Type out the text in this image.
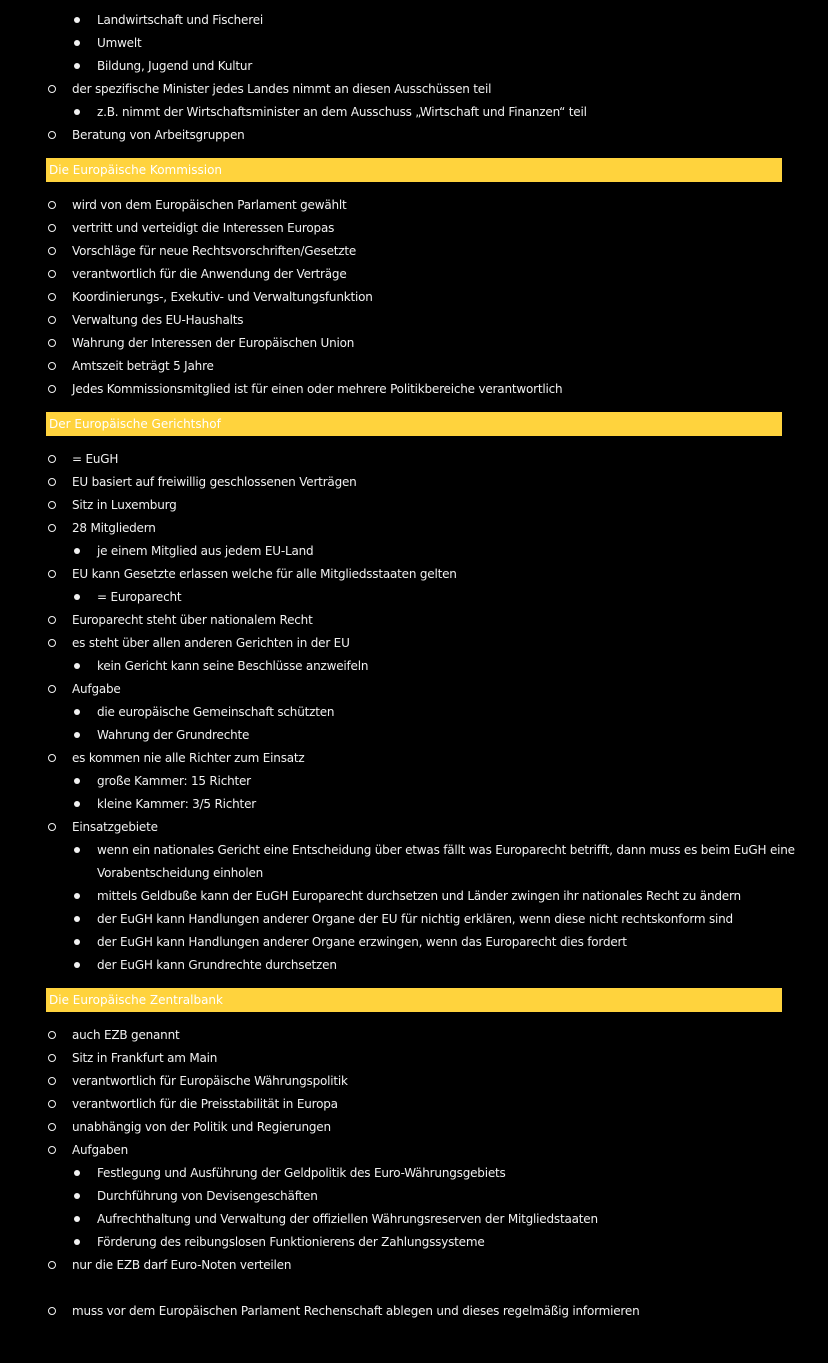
Landwirtschaft und Fischerei
Umwelt
Bildung, Jugend und Kultur
der spezifische Minister jedes Landes nimmt an diesen Ausschüssen teil
z.B. nimmt der Wirtschaftsminister an dem Ausschuss „Wirtschaft und Finanzen“ teil
Beratung von Arbeitsgruppen
Die Europäische Kommission
wird von dem Europäischen Parlament gewählt
vertritt und verteidigt die Interessen Europas
Vorschläge für neue Rechtsvorschriften/Gesetzte
verantwortlich für die Anwendung der Verträge
Koordinierungs-, Exekutiv- und Verwaltungsfunktion
Verwaltung des EU-Haushalts
Wahrung der Interessen der Europäischen Union
Amtszeit beträgt 5 Jahre
Jedes Kommissionsmitglied ist für einen oder mehrere Politikbereiche verantwortlich
Der Europäische Gerichtshof
= EuGH
EU basiert auf freiwillig geschlossenen Verträgen
Sitz in Luxemburg
28 Mitgliedern
je einem Mitglied aus jedem EU-Land
EU kann Gesetzte erlassen welche für alle Mitgliedsstaaten gelten
= Europarecht
Europarecht steht über nationalem Recht
es steht über allen anderen Gerichten in der EU
kein Gericht kann seine Beschlüsse anzweifeln
Aufgabe
die europäische Gemeinschaft schützten
Wahrung der Grundrechte
es kommen nie alle Richter zum Einsatz
große Kammer: 15 Richter
kleine Kammer: 3/5 Richter
Einsatzgebiete
wenn ein nationales Gericht eine Entscheidung über etwas fällt was Europarecht betrifft, dann muss es beim EuGH eine
Vorabentscheidung einholen
mittels Geldbuße kann der EuGH Europarecht durchsetzen und Länder zwingen ihr nationales Recht zu ändern
der EuGH kann Handlungen anderer Organe der EU für nichtig erklären, wenn diese nicht rechtskonform sind
der EuGH kann Handlungen anderer Organe erzwingen, wenn das Europarecht dies fordert
der EuGH kann Grundrechte durchsetzen
Die Europäische Zentralbank
auch EZB genannt
Sitz in Frankfurt am Main
verantwortlich für Europäische Währungspolitik
verantwortlich für die Preisstabilität in Europa
unabhängig von der Politik und Regierungen
Aufgaben
Festlegung und Ausführung der Geldpolitik des Euro-Währungsgebiets
Durchführung von Devisengeschäften
Aufrechthaltung und Verwaltung der offiziellen Währungsreserven der Mitgliedstaaten
Förderung des reibungslosen Funktionierens der Zahlungssysteme
nur die EZB darf Euro-Noten verteilen
muss vor dem Europäischen Parlament Rechenschaft ablegen und dieses regelmäßig informieren
